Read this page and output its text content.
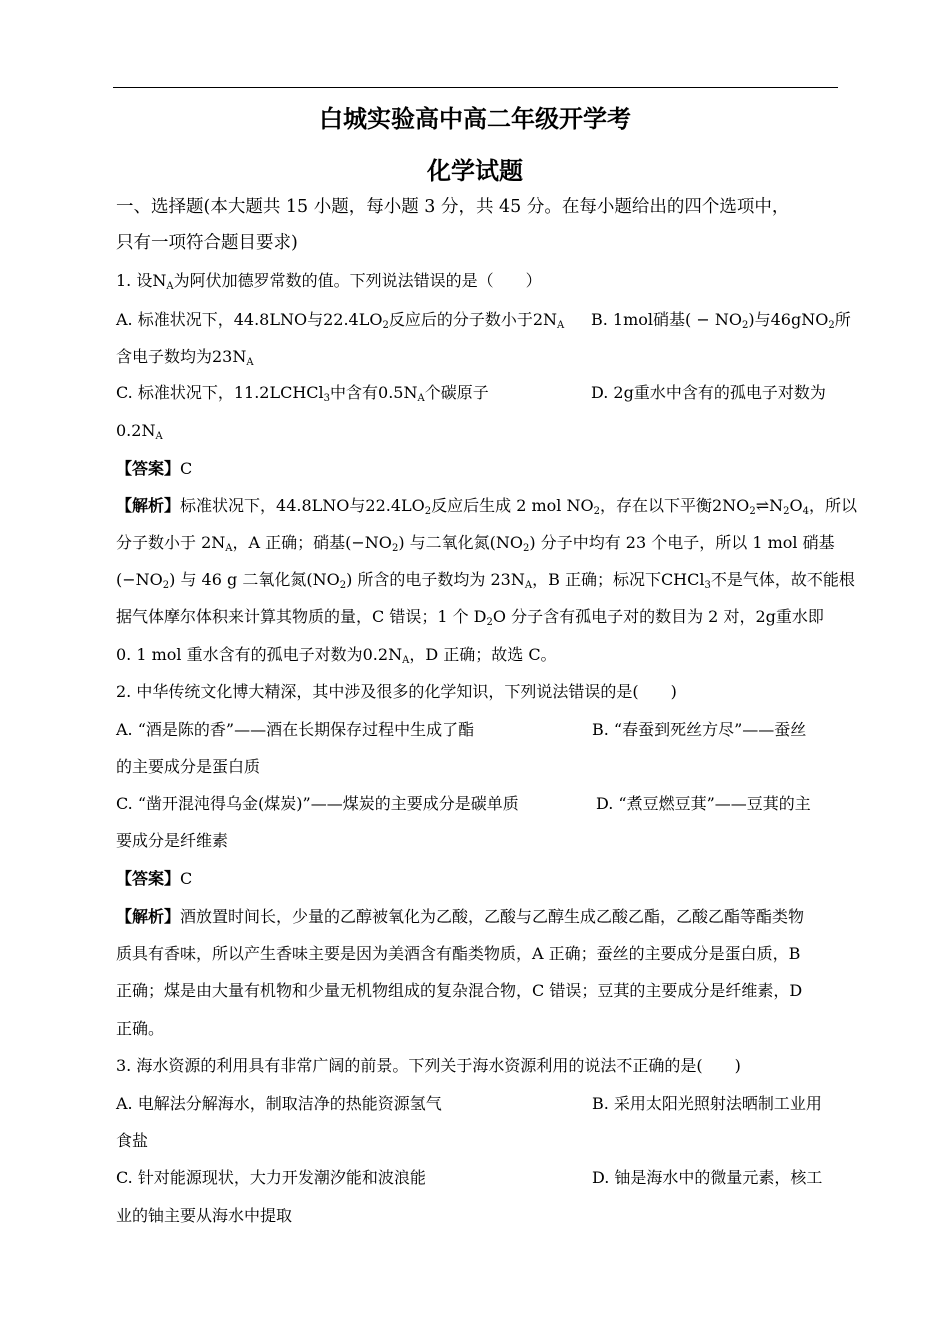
白城实验高中高二年级开学考
化学试题
一、选择题(本大题共 15 小题，每小题 3 分，共 45 分。在每小题给出的四个选项中，
只有一项符合题目要求)
1. 设$N_A$为阿伏加德罗常数的值。下列说法错误的是（　　）
A. 标准状况下，44.8LNO与$22.4LO_2$反应后的分子数小于$2N_A$ B. 1mol硝基( − $NO_2$)与46gNO$_2$所
含电子数均为$23N_A$
C. 标准状况下，11.2LCHCl$_3$中含有$0.5N_A$个碳原子	D. 2g重水中含有的孤电子对数为
$0.2N_A$
【答案】C
【解析】标准状况下，44.8LNO与$22.4LO_2$反应后生成 2 mol $NO_2$，存在以下平衡$2NO_2\rightleftharpoons N_2O_4$，所以
分子数小于 $2N_A$，A 正确；硝基$(-NO_2)$ 与二氧化氮$(NO_2)$ 分子中均有 23 个电子，所以 1 mol 硝基
$(-NO_2)$ 与 46 g 二氧化氮$(NO_2)$ 所含的电子数均为 $23N_A$，B 正确；标况下CHCl$_3$不是气体，故不能根
据气体摩尔体积来计算其物质的量，C 错误；1 个 $D_2O$ 分子含有孤电子对的数目为 2 对，2g重水即
0. 1 mol 重水含有的孤电子对数为$0.2N_A$，D 正确；故选 C。
2. 中华传统文化博大精深，其中涉及很多的化学知识，下列说法错误的是(　　)
A. “酒是陈的香”——酒在长期保存过程中生成了酯	B. “春蚕到死丝方尽”——蚕丝
的主要成分是蛋白质
C. “凿开混沌得乌金(煤炭)”——煤炭的主要成分是碳单质	D. “煮豆燃豆萁”——豆萁的主
要成分是纤维素
【答案】C
【解析】酒放置时间长，少量的乙醇被氧化为乙酸，乙酸与乙醇生成乙酸乙酯，乙酸乙酯等酯类物
质具有香味，所以产生香味主要是因为美酒含有酯类物质，A 正确；蚕丝的主要成分是蛋白质，B
正确；煤是由大量有机物和少量无机物组成的复杂混合物，C 错误；豆萁的主要成分是纤维素，D
正确。
3. 海水资源的利用具有非常广阔的前景。下列关于海水资源利用的说法不正确的是(　　)
A. 电解法分解海水，制取洁净的热能资源氢气	B. 采用太阳光照射法晒制工业用
食盐
C. 针对能源现状，大力开发潮汐能和波浪能	D. 铀是海水中的微量元素，核工
业的铀主要从海水中提取
